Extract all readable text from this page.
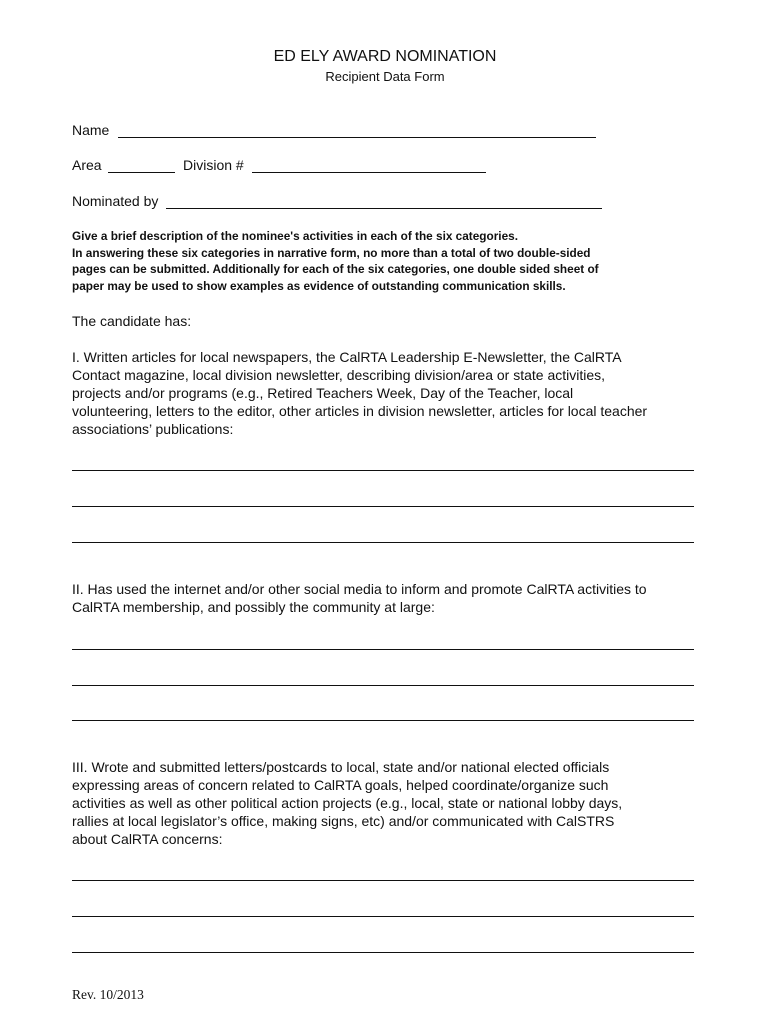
ED ELY AWARD NOMINATION
Recipient Data Form
Name
Area	Division #
Nominated by
Give a brief description of the nominee's activities in each of the six categories.
In answering these six categories in narrative form, no more than a total of two double-sided
pages can be submitted. Additionally for each of the six categories, one double sided sheet of
paper may be used to show examples as evidence of outstanding communication skills.
The candidate has:
I. Written articles for local newspapers, the CalRTA Leadership E-Newsletter, the CalRTA
Contact magazine, local division newsletter, describing division/area or state activities,
projects and/or programs (e.g., Retired Teachers Week, Day of the Teacher, local
volunteering, letters to the editor, other articles in division newsletter, articles for local teacher
associations’ publications:
II. Has used the internet and/or other social media to inform and promote CalRTA activities to
CalRTA membership, and possibly the community at large:
III. Wrote and submitted letters/postcards to local, state and/or national elected officials
expressing areas of concern related to CalRTA goals, helped coordinate/organize such
activities as well as other political action projects (e.g., local, state or national lobby days,
rallies at local legislator’s office, making signs, etc) and/or communicated with CalSTRS
about CalRTA concerns:
Rev. 10/2013
